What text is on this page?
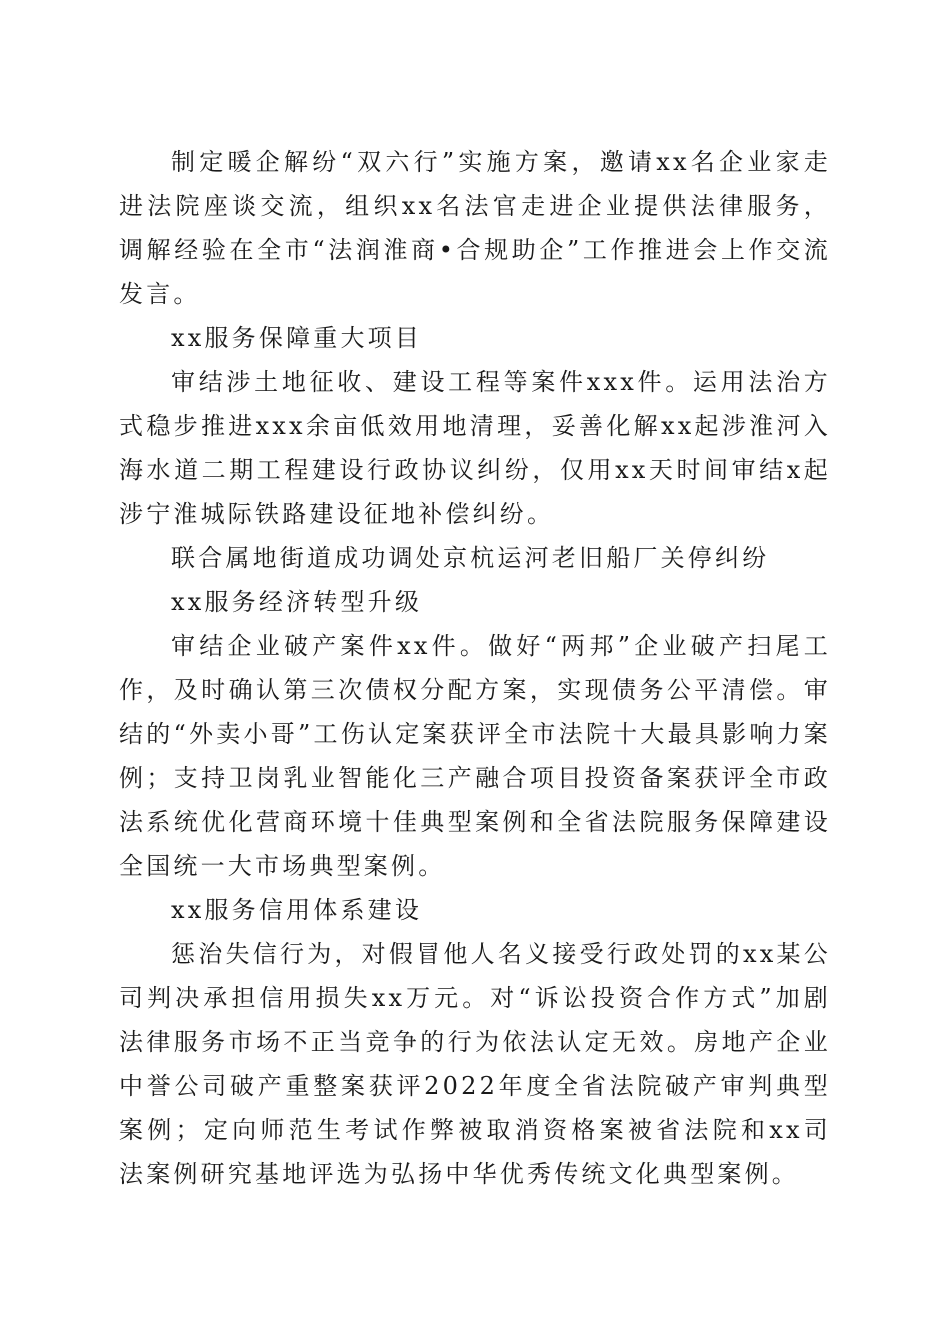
制定暖企解纷“双六行”实施方案，邀请xx名企业家走进法院座谈交流，组织xx名法官走进企业提供法律服务，调解经验在全市“法润淮商•合规助企”工作推进会上作交流发言。

xx服务保障重大项目

审结涉土地征收、建设工程等案件xxx件。运用法治方式稳步推进xxx余亩低效用地清理，妥善化解xx起涉淮河入海水道二期工程建设行政协议纠纷，仅用xx天时间审结x起涉宁淮城际铁路建设征地补偿纠纷。

联合属地街道成功调处京杭运河老旧船厂关停纠纷

xx服务经济转型升级

审结企业破产案件xx件。做好“两邦”企业破产扫尾工作，及时确认第三次债权分配方案，实现债务公平清偿。审结的“外卖小哥”工伤认定案获评全市法院十大最具影响力案例；支持卫岗乳业智能化三产融合项目投资备案获评全市政法系统优化营商环境十佳典型案例和全省法院服务保障建设全国统一大市场典型案例。

xx服务信用体系建设

惩治失信行为，对假冒他人名义接受行政处罚的xx某公司判决承担信用损失xx万元。对“诉讼投资合作方式”加剧法律服务市场不正当竞争的行为依法认定无效。房地产企业中誉公司破产重整案获评2022年度全省法院破产审判典型案例；定向师范生考试作弊被取消资格案被省法院和xx司法案例研究基地评选为弘扬中华优秀传统文化典型案例。
